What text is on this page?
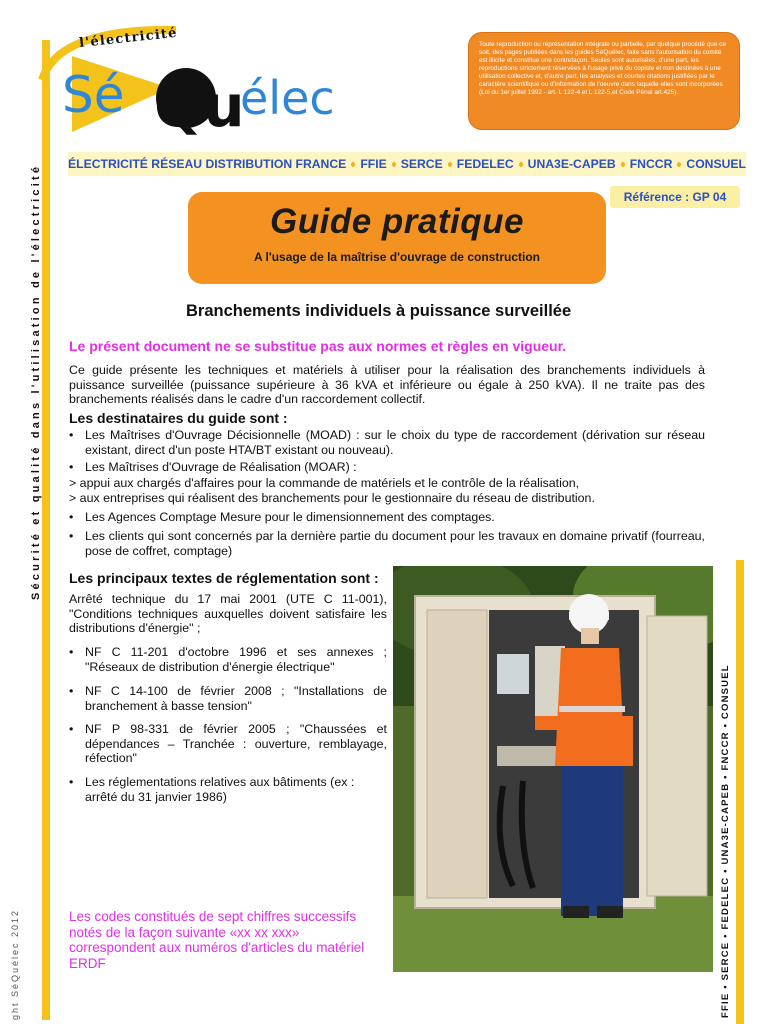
Sécurité et qualité dans l'utilisation de l'électricité
ght SéQuélec 2012
l'électricité
Sé Qu
élec
Toute reproduction ou représentation intégrale ou partielle, par quelque procédé que ce soit, des pages publiées dans les guides SéQuélec, faite sans l'autorisation du comité est illicite et constitue une contrefaçon. Seules sont autorisées, d'une part, les reproductions strictement réservées à l'usage privé du copiste et non destinées à une utilisation collective et, d'autre part, les analyses et courtes citations justifiées par le caractère scientifique ou d'information de l'oeuvre dans laquelle elles sont incorporées (Loi du 1er juillet 1992 - art. L 122-4 et L 122-5,et Code Pénal art.425).
ÉLECTRICITÉ RÉSEAU DISTRIBUTION FRANCE FFIE SERCE FEDELEC UNA3E-CAPEB FNCCR CONSUEL
Référence : GP 04
Guide pratique
A l'usage de la maîtrise d'ouvrage de construction
Branchements individuels à puissance surveillée
Le présent document ne se substitue pas aux normes et règles en vigueur.
Ce guide présente les techniques et matériels à utiliser pour la réalisation des branchements individuels à puissance surveillée (puissance supérieure à 36 kVA et inférieure ou égale à 250 kVA). Il ne traite pas des branchements réalisés dans le cadre d'un raccordement collectif.
Les destinataires du guide sont :
• Les Maîtrises d'Ouvrage Décisionnelle (MOAD) : sur le choix du type de raccordement (dérivation sur réseau existant, direct d'un poste HTA/BT existant ou nouveau).
• Les Maîtrises d'Ouvrage de Réalisation (MOAR) :
> appui aux chargés d'affaires pour la commande de matériels et le contrôle de la réalisation,
> aux entreprises qui réalisent des branchements pour le gestionnaire du réseau de distribution.
• Les Agences Comptage Mesure pour le dimensionnement des comptages.
• Les clients qui sont concernés par la dernière partie du document pour les travaux en domaine privatif (fourreau, pose de coffret, comptage)
Les principaux textes de réglementation sont :
Arrêté technique du 17 mai 2001 (UTE C 11-001), "Conditions techniques auxquelles doivent satisfaire les distributions d'énergie" ;
• NF C 11-201 d'octobre 1996 et ses annexes ; "Réseaux de distribution d'énergie électrique"
• NF C 14-100 de février 2008 ; "Installations de branchement à basse tension"
• NF P 98-331 de février 2005 ; "Chaussées et dépendances – Tranchée : ouverture, remblayage, réfection"
• Les réglementations relatives aux bâtiments (ex : arrêté du 31 janvier 1986)
Les codes constitués de sept chiffres successifs notés de la façon suivante «xx xx xxx» correspondent aux numéros d'articles du matériel ERDF	FFIE • SERCE • FEDELEC • UNA3E-CAPEB • FNCCR • CONSUEL
